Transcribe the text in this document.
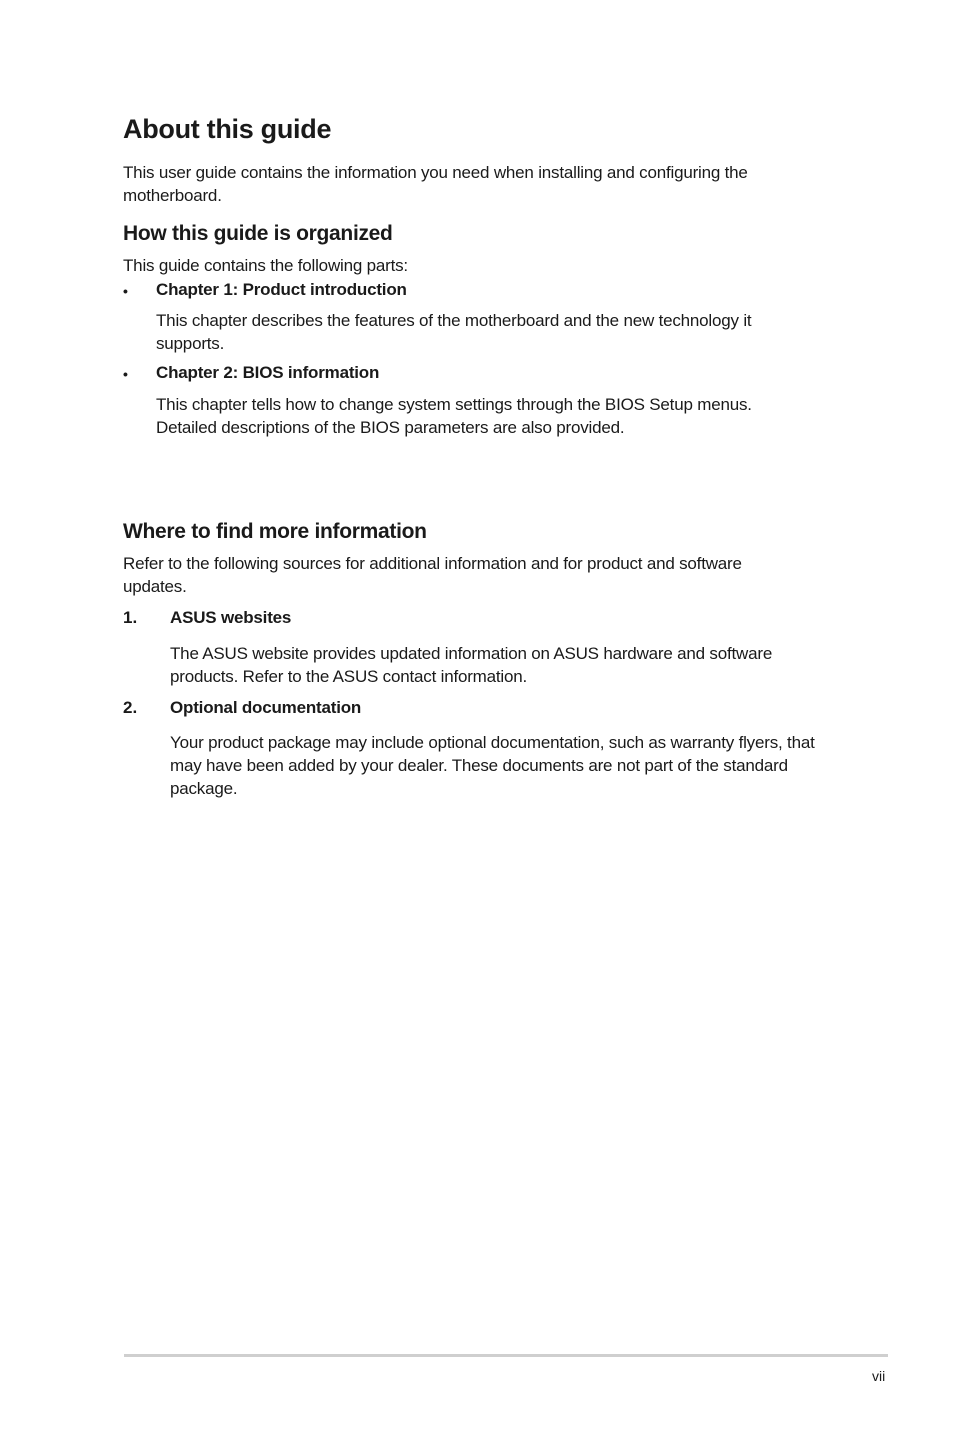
About this guide

This user guide contains the information you need when installing and configuring the motherboard.

How this guide is organized

This guide contains the following parts:

• Chapter 1: Product introduction

This chapter describes the features of the motherboard and the new technology it supports.

• Chapter 2: BIOS information

This chapter tells how to change system settings through the BIOS Setup menus. Detailed descriptions of the BIOS parameters are also provided.

Where to find more information

Refer to the following sources for additional information and for product and software updates.

1. ASUS websites

The ASUS website provides updated information on ASUS hardware and software products. Refer to the ASUS contact information.

2. Optional documentation

Your product package may include optional documentation, such as warranty flyers, that may have been added by your dealer. These documents are not part of the standard package.

vii
